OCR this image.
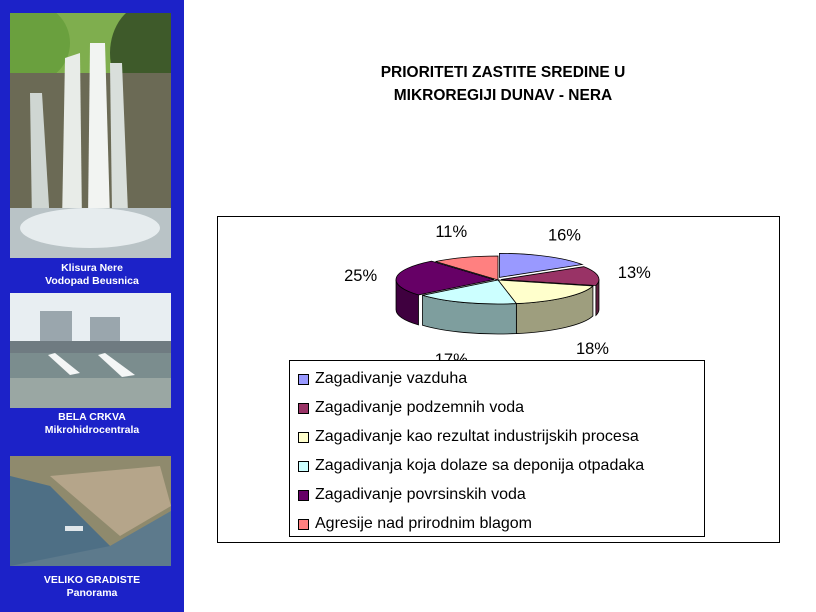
Klisura Nere
Vodopad Beusnica
BELA CRKVA
Mikrohidrocentrala
VELIKO GRADISTE
Panorama
PRIORITETI ZASTITE SREDINE U
MIKROREGIJI DUNAV - NERA
16%
13%
18%
25%
11%
Zagadivanje vazduha
Zagadivanje podzemnih voda
Zagadivanje kao rezultat industrijskih procesa
Zagadivanja koja dolaze sa deponija otpadaka
Zagadivanje povrsinskih voda
Agresije nad prirodnim blagom
